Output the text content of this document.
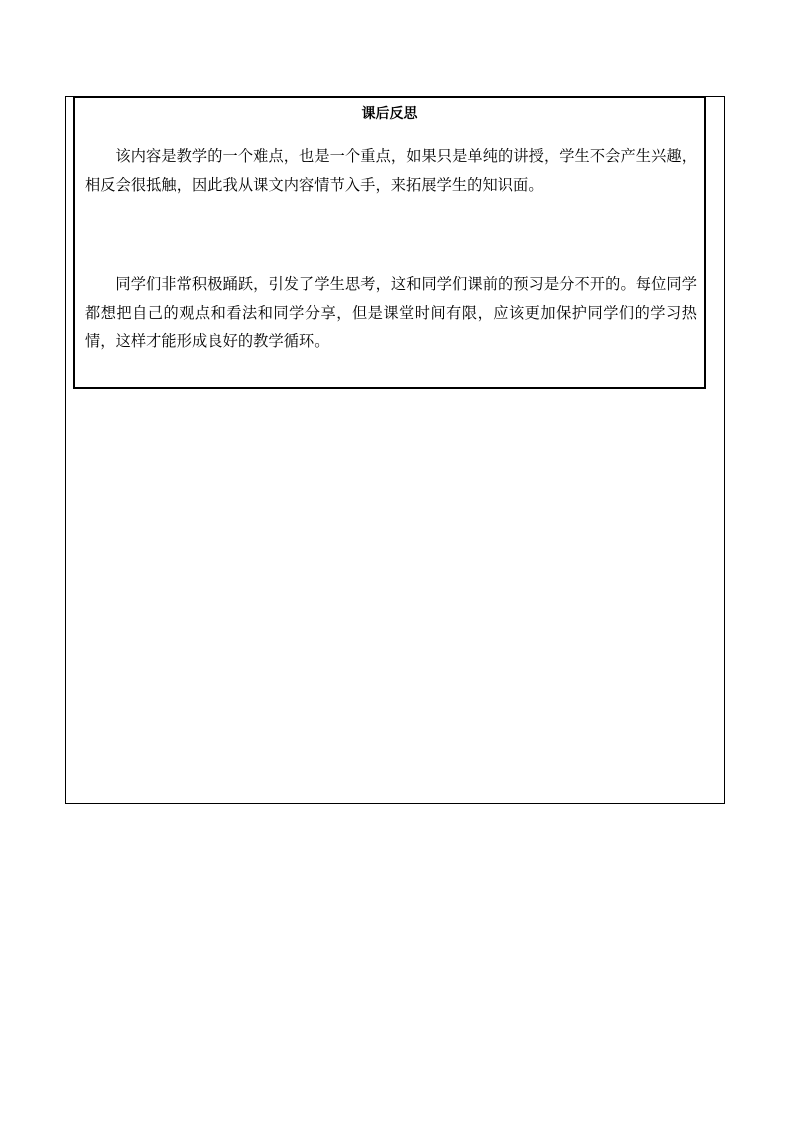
课后反思

该内容是教学的一个难点，也是一个重点，如果只是单纯的讲授，学生不会产生兴趣，相反会很抵触，因此我从课文内容情节入手，来拓展学生的知识面。

同学们非常积极踊跃，引发了学生思考，这和同学们课前的预习是分不开的。每位同学都想把自己的观点和看法和同学分享，但是课堂时间有限，应该更加保护同学们的学习热情，这样才能形成良好的教学循环。
